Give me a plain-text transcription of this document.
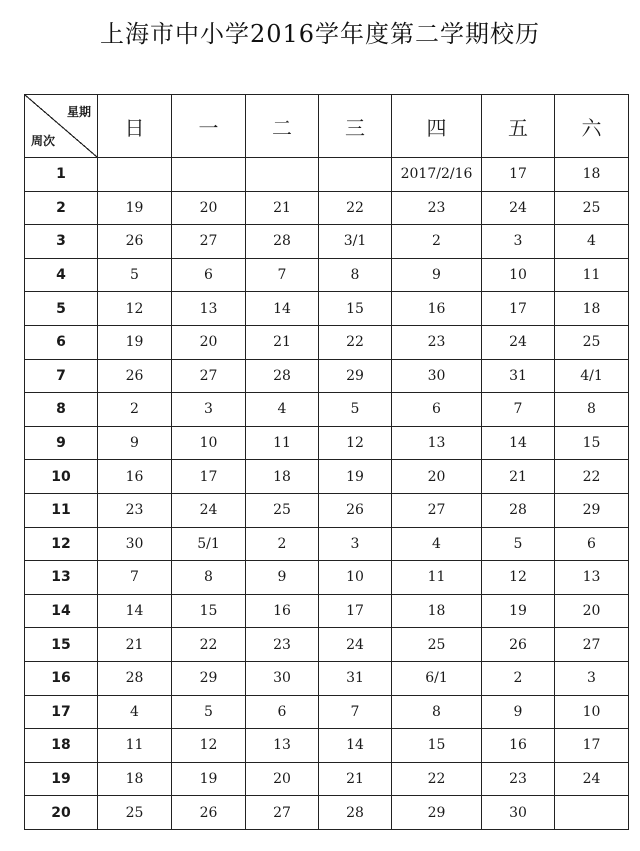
上海市中小学2016学年度第二学期校历
星期
周次	日	一	二	三	四	五	六
1					2017/2/16	17	18
2	19	20	21	22	23	24	25
3	26	27	28	3/1	2	3	4
4	5	6	7	8	9	10	11
5	12	13	14	15	16	17	18
6	19	20	21	22	23	24	25
7	26	27	28	29	30	31	4/1
8	2	3	4	5	6	7	8
9	9	10	11	12	13	14	15
10	16	17	18	19	20	21	22
11	23	24	25	26	27	28	29
12	30	5/1	2	3	4	5	6
13	7	8	9	10	11	12	13
14	14	15	16	17	18	19	20
15	21	22	23	24	25	26	27
16	28	29	30	31	6/1	2	3
17	4	5	6	7	8	9	10
18	11	12	13	14	15	16	17
19	18	19	20	21	22	23	24
20	25	26	27	28	29	30	
